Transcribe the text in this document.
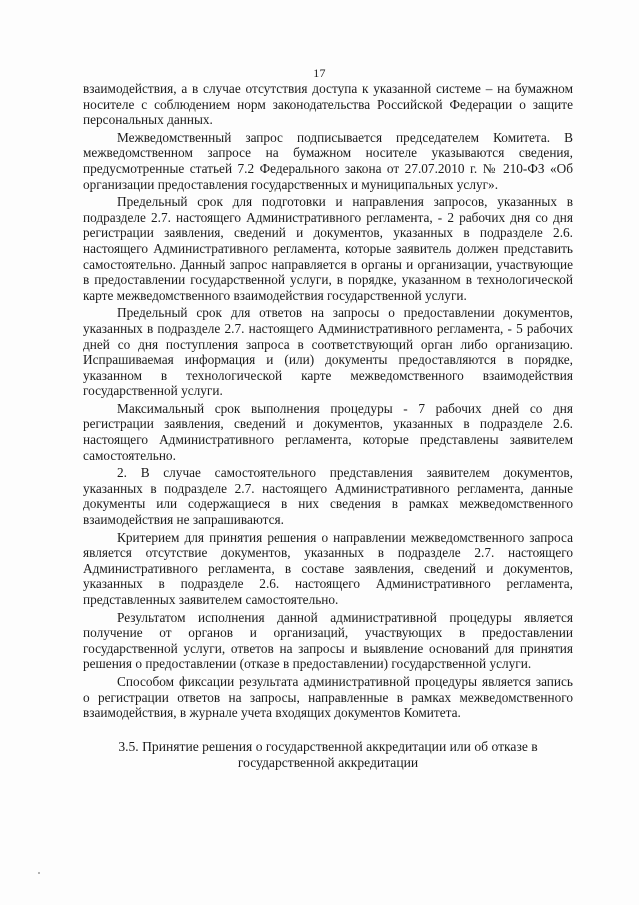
17

взаимодействия, а в случае отсутствия доступа к указанной системе – на бумажном носителе с соблюдением норм законодательства Российской Федерации о защите персональных данных.

Межведомственный запрос подписывается председателем Комитета. В межведомственном запросе на бумажном носителе указываются сведения, предусмотренные статьей 7.2 Федерального закона от 27.07.2010 г. № 210-ФЗ «Об организации предоставления государственных и муниципальных услуг».

Предельный срок для подготовки и направления запросов, указанных в подразделе 2.7. настоящего Административного регламента, - 2 рабочих дня со дня регистрации заявления, сведений и документов, указанных в подразделе 2.6. настоящего Административного регламента, которые заявитель должен представить самостоятельно. Данный запрос направляется в органы и организации, участвующие в предоставлении государственной услуги, в порядке, указанном в технологической карте межведомственного взаимодействия государственной услуги.

Предельный срок для ответов на запросы о предоставлении документов, указанных в подразделе 2.7. настоящего Административного регламента, - 5 рабочих дней со дня поступления запроса в соответствующий орган либо организацию. Испрашиваемая информация и (или) документы предоставляются в порядке, указанном в технологической карте межведомственного взаимодействия государственной услуги.

Максимальный срок выполнения процедуры - 7 рабочих дней со дня регистрации заявления, сведений и документов, указанных в подразделе 2.6. настоящего Административного регламента, которые представлены заявителем самостоятельно.

2. В случае самостоятельного представления заявителем документов, указанных в подразделе 2.7. настоящего Административного регламента, данные документы или содержащиеся в них сведения в рамках межведомственного взаимодействия не запрашиваются.

Критерием для принятия решения о направлении межведомственного запроса является отсутствие документов, указанных в подразделе 2.7. настоящего Административного регламента, в составе заявления, сведений и документов, указанных в подразделе 2.6. настоящего Административного регламента, представленных заявителем самостоятельно.

Результатом исполнения данной административной процедуры является получение от органов и организаций, участвующих в предоставлении государственной услуги, ответов на запросы и выявление оснований для принятия решения о предоставлении (отказе в предоставлении) государственной услуги.

Способом фиксации результата административной процедуры является запись о регистрации ответов на запросы, направленные в рамках межведомственного взаимодействия, в журнале учета входящих документов Комитета.

3.5. Принятие решения о государственной аккредитации или об отказе в
государственной аккредитации
